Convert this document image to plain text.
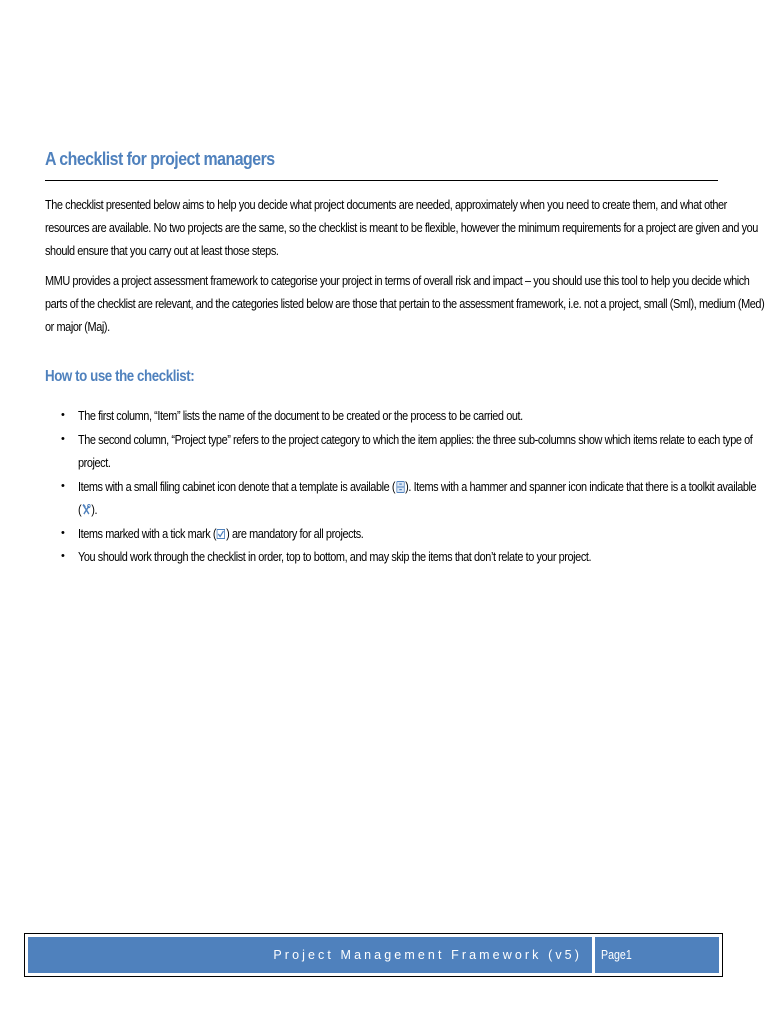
A checklist for project managers

The checklist presented below aims to help you decide what project documents are needed, approximately when you need to create them, and what other
resources are available. No two projects are the same, so the checklist is meant to be flexible, however the minimum requirements for a project are given and you
should ensure that you carry out at least those steps.

MMU provides a project assessment framework to categorise your project in terms of overall risk and impact – you should use this tool to help you decide which
parts of the checklist are relevant, and the categories listed below are those that pertain to the assessment framework, i.e. not a project, small (Sml), medium (Med)
or major (Maj).

How to use the checklist:
• The first column, “Item” lists the name of the document to be created or the process to be carried out.
• The second column, “Project type” refers to the project category to which the item applies: the three sub-columns show which items relate to each type of
project.
• Items with a small filing cabinet icon denote that a template is available ( ). Items with a hammer and spanner icon indicate that there is a toolkit available
( ).
• Items marked with a tick mark ( ) are mandatory for all projects.
• You should work through the checklist in order, top to bottom, and may skip the items that don’t relate to your project.
Project Management Framework (v5)	Page1
